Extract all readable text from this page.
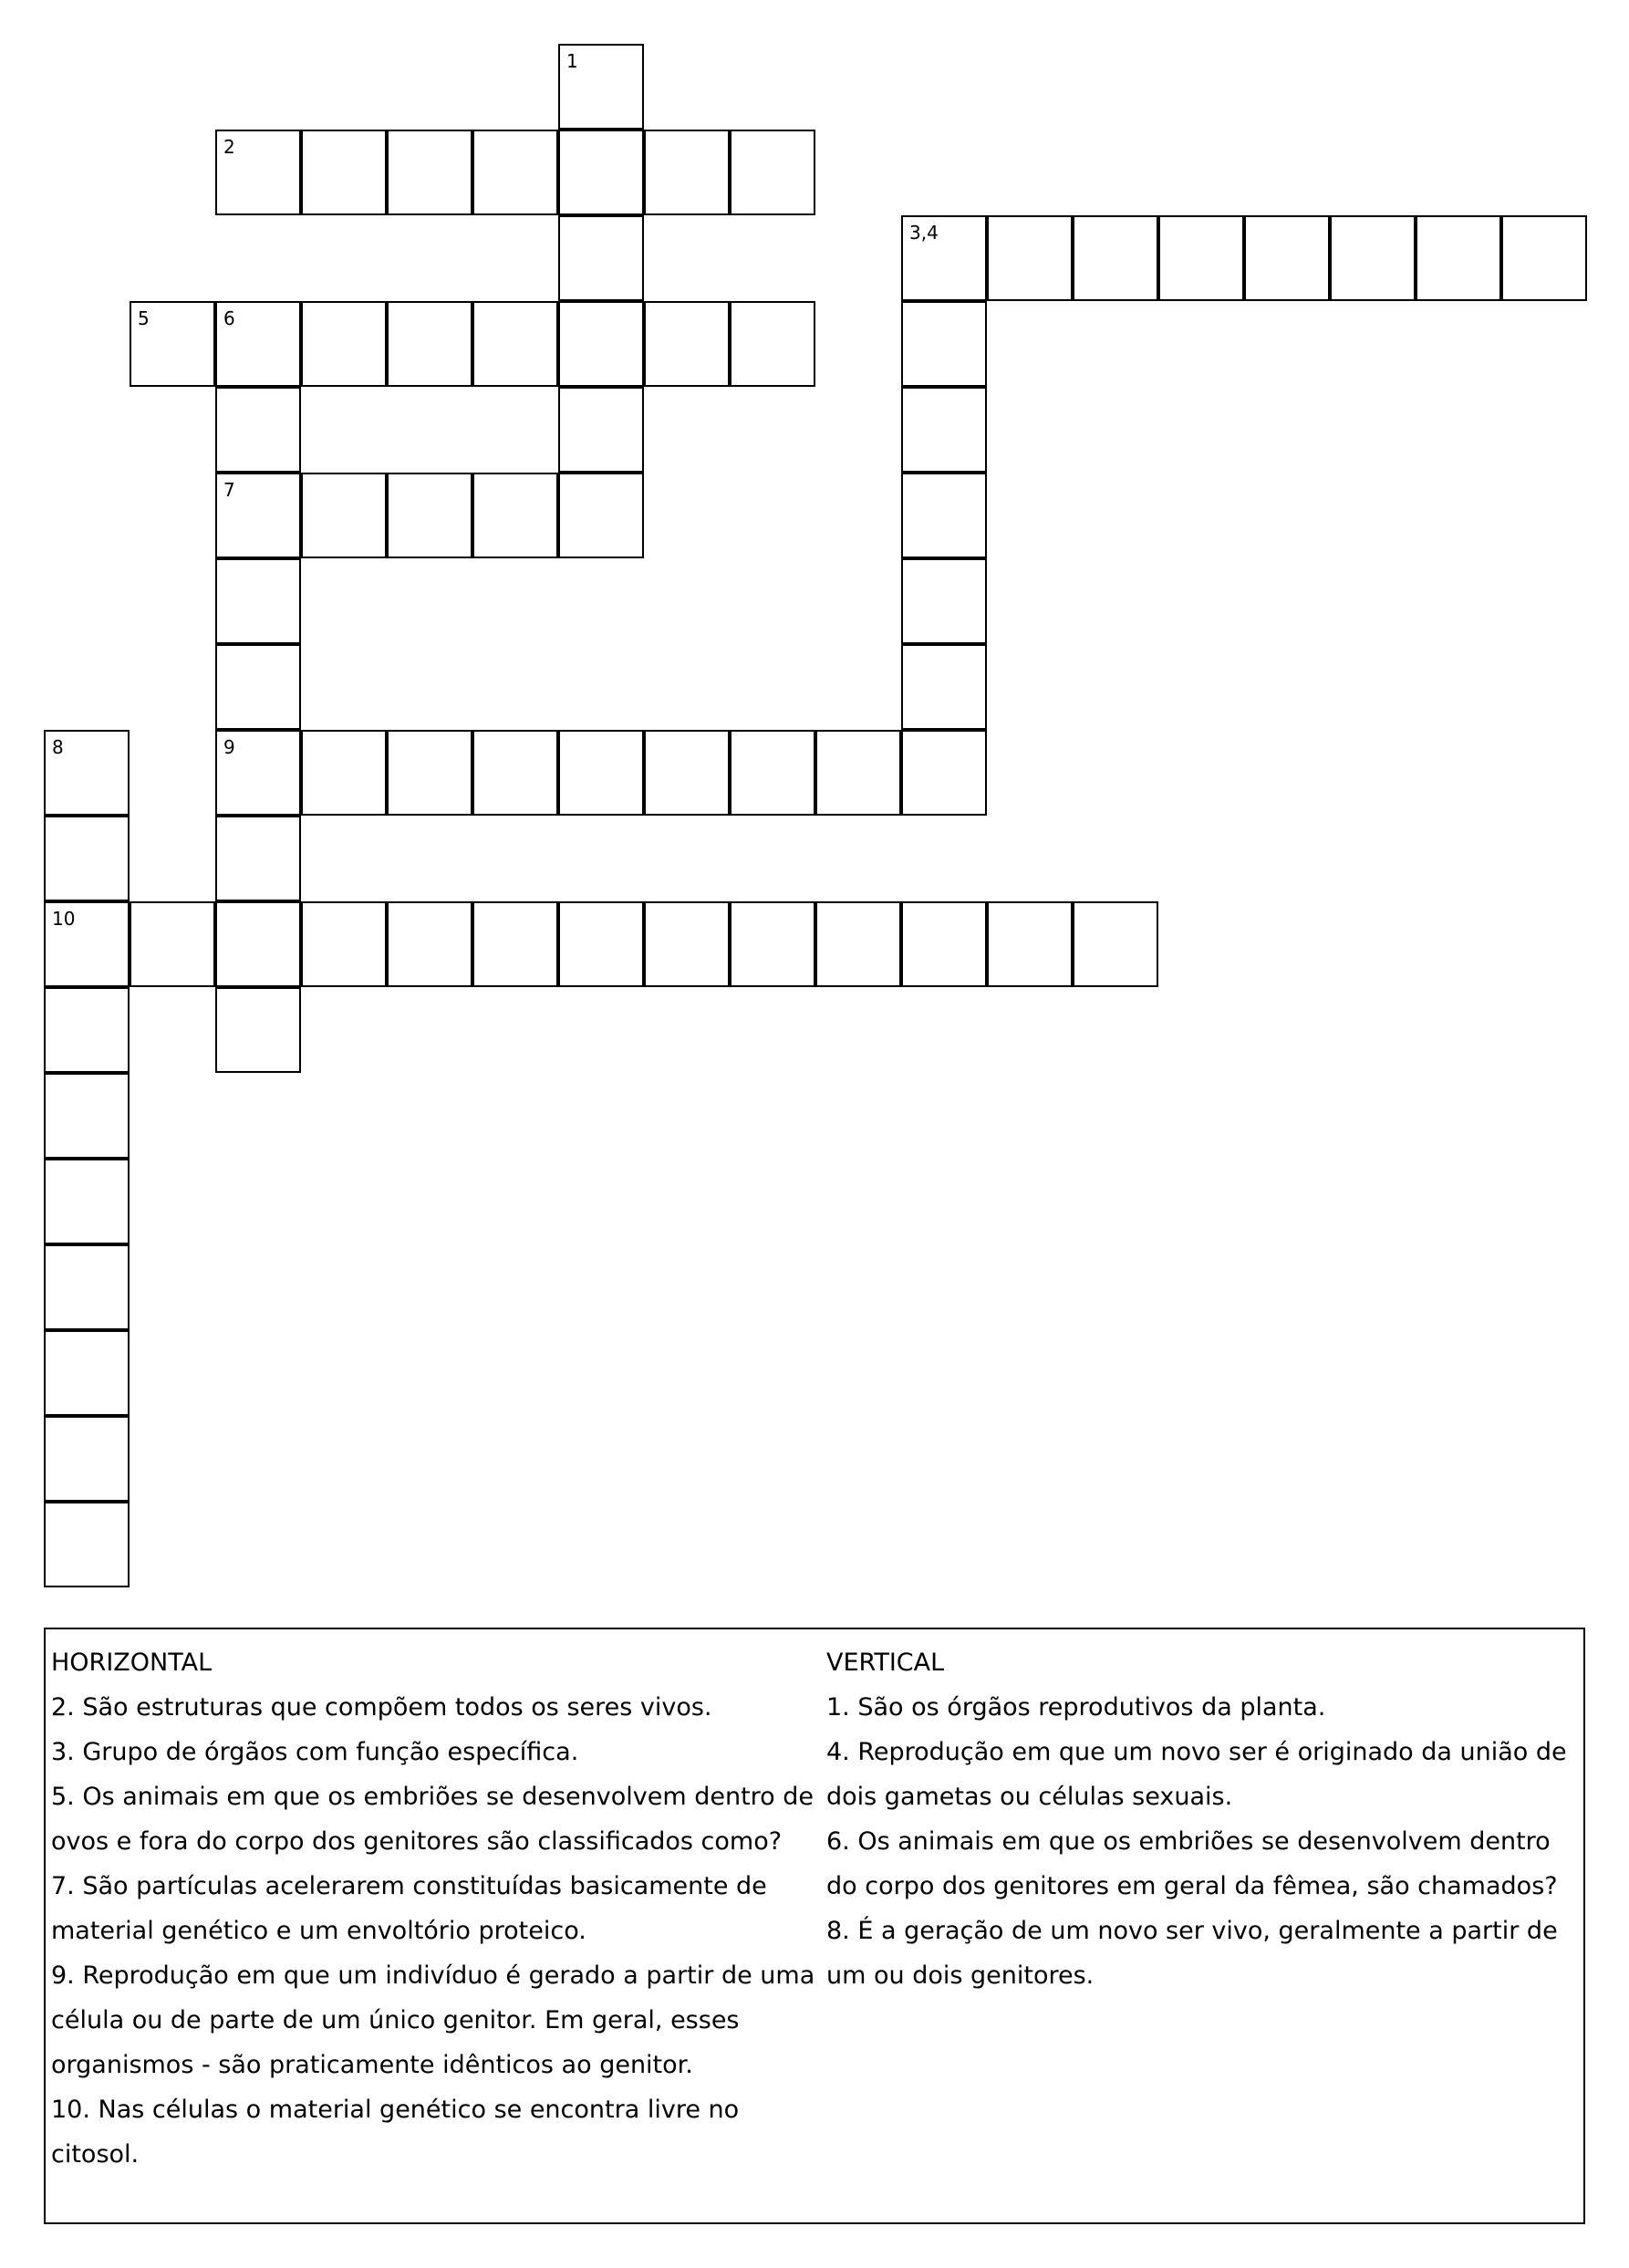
1
2
3,4
5	6
7
8	9
10
HORIZONTAL
2. São estruturas que compõem todos os seres vivos.
3. Grupo de órgãos com função específica.
5. Os animais em que os embriões se desenvolvem dentro de ovos e fora do corpo dos genitores são classificados como?
7. São partículas acelerarem constituídas basicamente de material genético e um envoltório proteico.
9. Reprodução em que um indivíduo é gerado a partir de uma célula ou de parte de um único genitor. Em geral, esses organismos - são praticamente idênticos ao genitor.
10. Nas células o material genético se encontra livre no citosol.
VERTICAL
1. São os órgãos reprodutivos da planta.
4. Reprodução em que um novo ser é originado da união de dois gametas ou células sexuais.
6. Os animais em que os embriões se desenvolvem dentro do corpo dos genitores em geral da fêmea, são chamados?
8. É a geração de um novo ser vivo, geralmente a partir de um ou dois genitores.
